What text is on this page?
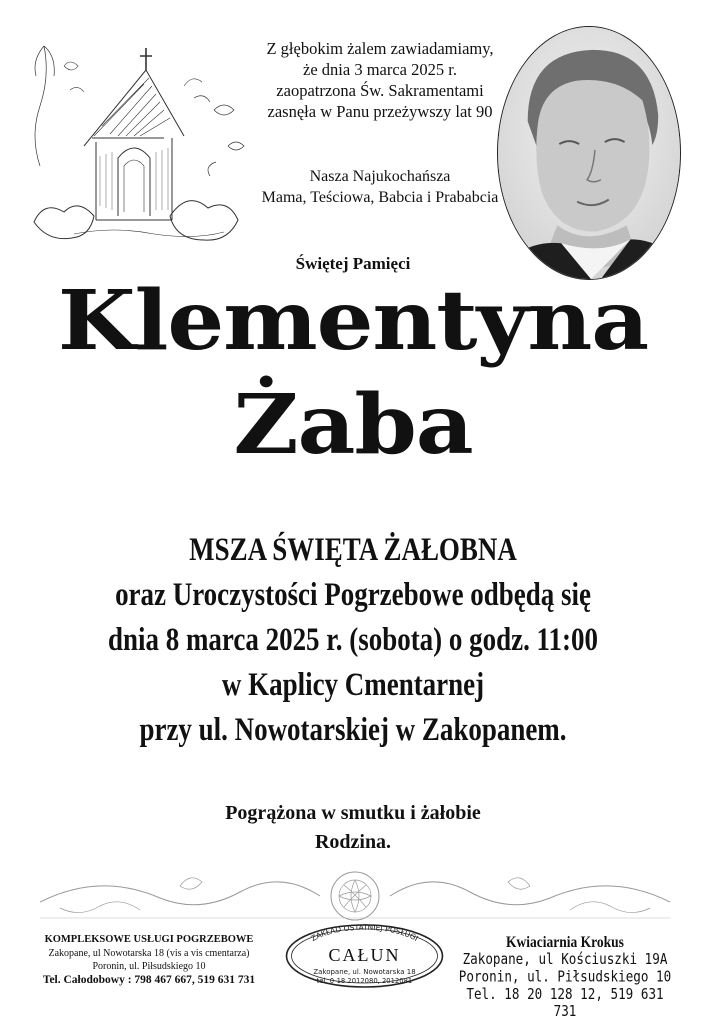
Z głębokim żalem zawiadamiamy,
że dnia 3 marca 2025 r.
zaopatrzona Św. Sakramentami
zasnęła w Panu przeżywszy lat 90
Nasza Najukochańsza
Mama, Teściowa, Babcia i Prababcia
Świętej Pamięci
Klementyna
Żaba
MSZA ŚWIĘTA ŻAŁOBNA
oraz Uroczystości Pogrzebowe odbędą się
dnia 8 marca 2025 r. (sobota) o godz. 11:00
w Kaplicy Cmentarnej
przy ul. Nowotarskiej w Zakopanem.
Pogrążona w smutku i żałobie
Rodzina.
KOMPLEKSOWE USŁUGI POGRZEBOWE
Zakopane, ul Nowotarska 18 (vis a vis cmentarza)
Poronin, ul. Piłsudskiego 10
Tel. Całodobowy : 798 467 667, 519 631 731
ZAKŁAD OSTATNIEJ POSŁUGI
CAŁUN
Zakopane, ul. Nowotarska 18
tel. 0-18 2012080, 2012081
Kwiaciarnia Krokus
Zakopane, ul Kościuszki 19A
Poronin, ul. Piłsudskiego 10
Tel. 18 20 128 12, 519 631 731
